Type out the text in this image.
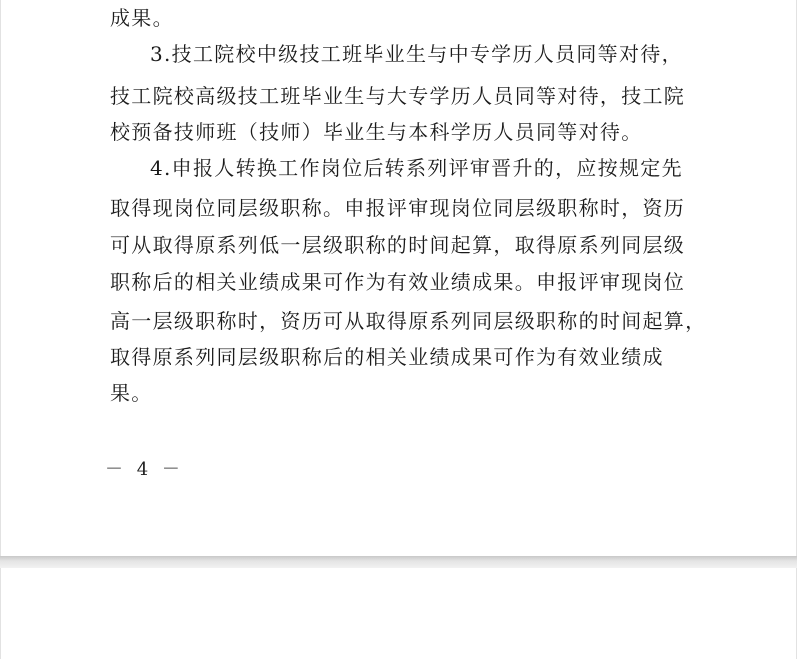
成果。
3.技工院校中级技工班毕业生与中专学历人员同等对待，
技工院校高级技工班毕业生与大专学历人员同等对待，技工院
校预备技师班（技师）毕业生与本科学历人员同等对待。
4.申报人转换工作岗位后转系列评审晋升的，应按规定先
取得现岗位同层级职称。申报评审现岗位同层级职称时，资历
可从取得原系列低一层级职称的时间起算，取得原系列同层级
职称后的相关业绩成果可作为有效业绩成果。申报评审现岗位
高一层级职称时，资历可从取得原系列同层级职称的时间起算，
取得原系列同层级职称后的相关业绩成果可作为有效业绩成
果。
－ 4 －
